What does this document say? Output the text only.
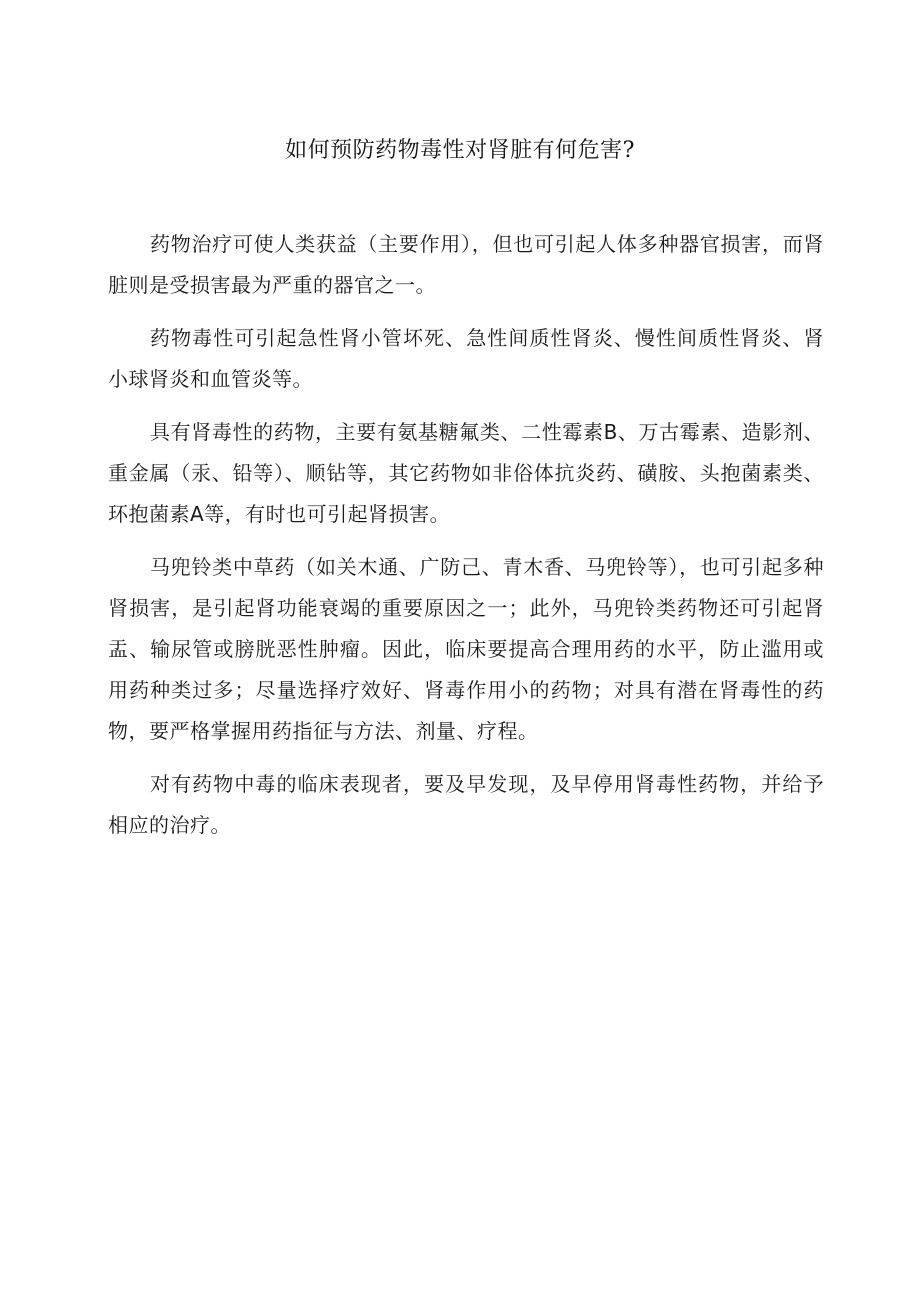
如何预防药物毒性对肾脏有何危害?

药物治疗可使人类获益（主要作用），但也可引起人体多种器官损害，而肾脏则是受损害最为严重的器官之一。

药物毒性可引起急性肾小管坏死、急性间质性肾炎、慢性间质性肾炎、肾小球肾炎和血管炎等。

具有肾毒性的药物，主要有氨基糖氟类、二性霉素B、万古霉素、造影剂、重金属（汞、铅等）、顺钻等，其它药物如非俗体抗炎药、磺胺、头抱菌素类、环抱菌素A等，有时也可引起肾损害。

马兜铃类中草药（如关木通、广防己、青木香、马兜铃等），也可引起多种肾损害，是引起肾功能衰竭的重要原因之一；此外，马兜铃类药物还可引起肾盂、输尿管或膀胱恶性肿瘤。因此，临床要提高合理用药的水平，防止滥用或用药种类过多；尽量选择疗效好、肾毒作用小的药物；对具有潜在肾毒性的药物，要严格掌握用药指征与方法、剂量、疗程。

对有药物中毒的临床表现者，要及早发现，及早停用肾毒性药物，并给予相应的治疗。
